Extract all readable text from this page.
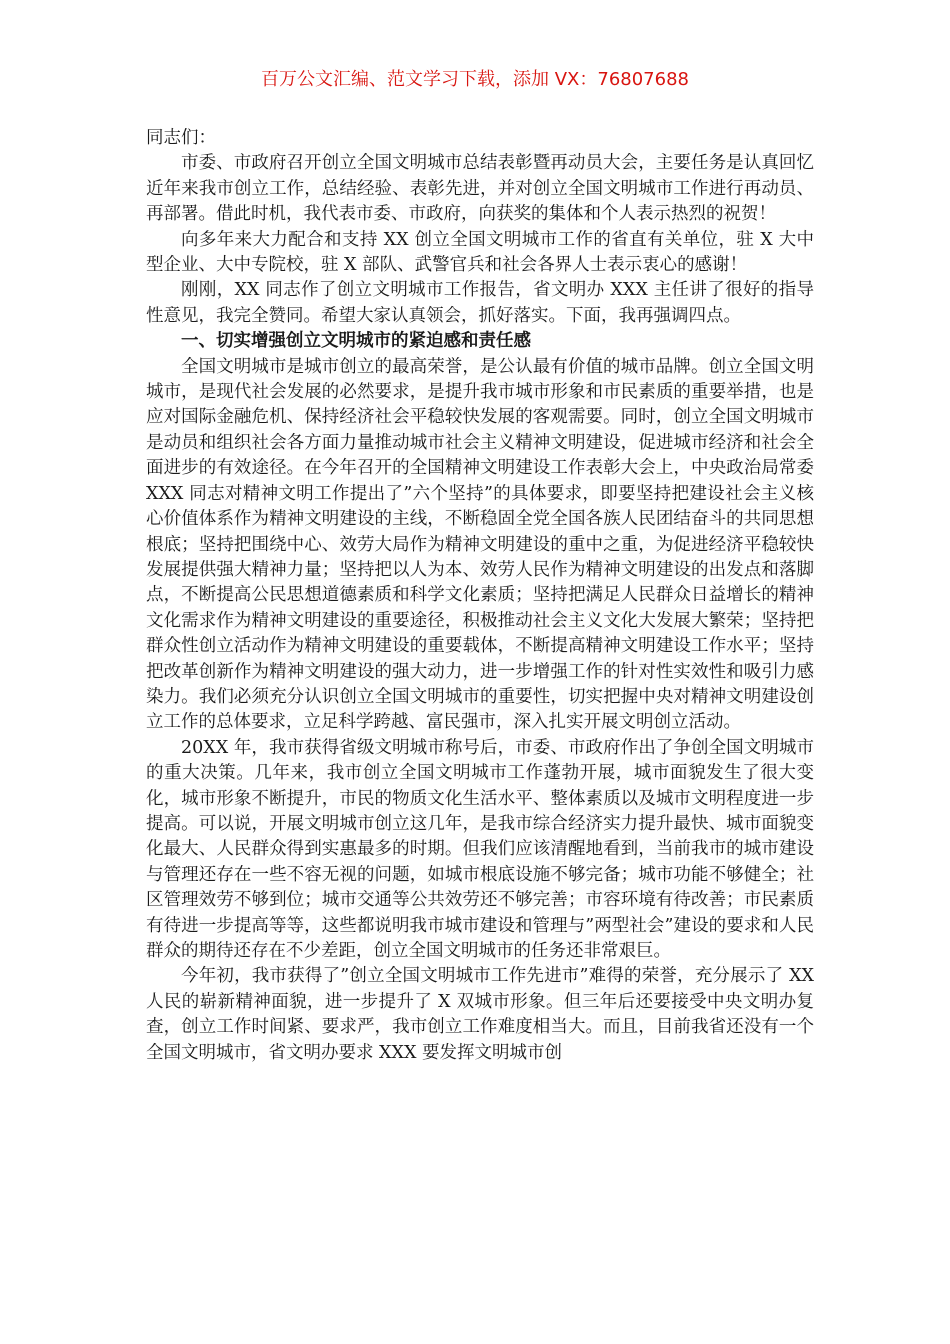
百万公文汇编、范文学习下载，添加 VX：76807688

同志们：

市委、市政府召开创立全国文明城市总结表彰暨再动员大会，主要任务是认真回忆近年来我市创立工作，总结经验、表彰先进，并对创立全国文明城市工作进行再动员、再部署。借此时机，我代表市委、市政府，向获奖的集体和个人表示热烈的祝贺！

向多年来大力配合和支持 XX 创立全国文明城市工作的省直有关单位，驻 X 大中型企业、大中专院校，驻 X 部队、武警官兵和社会各界人士表示衷心的感谢！

刚刚，XX 同志作了创立文明城市工作报告，省文明办 XXX 主任讲了很好的指导性意见，我完全赞同。希望大家认真领会，抓好落实。下面，我再强调四点。

一、切实增强创立文明城市的紧迫感和责任感

全国文明城市是城市创立的最高荣誉，是公认最有价值的城市品牌。创立全国文明城市，是现代社会发展的必然要求，是提升我市城市形象和市民素质的重要举措，也是应对国际金融危机、保持经济社会平稳较快发展的客观需要。同时，创立全国文明城市是动员和组织社会各方面力量推动城市社会主义精神文明建设，促进城市经济和社会全面进步的有效途径。在今年召开的全国精神文明建设工作表彰大会上，中央政治局常委 XXX 同志对精神文明工作提出了”六个坚持”的具体要求，即要坚持把建设社会主义核心价值体系作为精神文明建设的主线，不断稳固全党全国各族人民团结奋斗的共同思想根底；坚持把围绕中心、效劳大局作为精神文明建设的重中之重，为促进经济平稳较快发展提供强大精神力量；坚持把以人为本、效劳人民作为精神文明建设的出发点和落脚点，不断提高公民思想道德素质和科学文化素质；坚持把满足人民群众日益增长的精神文化需求作为精神文明建设的重要途径，积极推动社会主义文化大发展大繁荣；坚持把群众性创立活动作为精神文明建设的重要载体，不断提高精神文明建设工作水平；坚持把改革创新作为精神文明建设的强大动力，进一步增强工作的针对性实效性和吸引力感染力。我们必须充分认识创立全国文明城市的重要性，切实把握中央对精神文明建设创立工作的总体要求，立足科学跨越、富民强市，深入扎实开展文明创立活动。

20XX 年，我市获得省级文明城市称号后，市委、市政府作出了争创全国文明城市的重大决策。几年来，我市创立全国文明城市工作蓬勃开展，城市面貌发生了很大变化，城市形象不断提升，市民的物质文化生活水平、整体素质以及城市文明程度进一步提高。可以说，开展文明城市创立这几年，是我市综合经济实力提升最快、城市面貌变化最大、人民群众得到实惠最多的时期。但我们应该清醒地看到，当前我市的城市建设与管理还存在一些不容无视的问题，如城市根底设施不够完备；城市功能不够健全；社区管理效劳不够到位；城市交通等公共效劳还不够完善；市容环境有待改善；市民素质有待进一步提高等等，这些都说明我市城市建设和管理与”两型社会”建设的要求和人民群众的期待还存在不少差距，创立全国文明城市的任务还非常艰巨。

今年初，我市获得了”创立全国文明城市工作先进市”难得的荣誉，充分展示了 XX 人民的崭新精神面貌，进一步提升了 X 双城市形象。但三年后还要接受中央文明办复查，创立工作时间紧、要求严，我市创立工作难度相当大。而且，目前我省还没有一个全国文明城市，省文明办要求 XXX 要发挥文明城市创
